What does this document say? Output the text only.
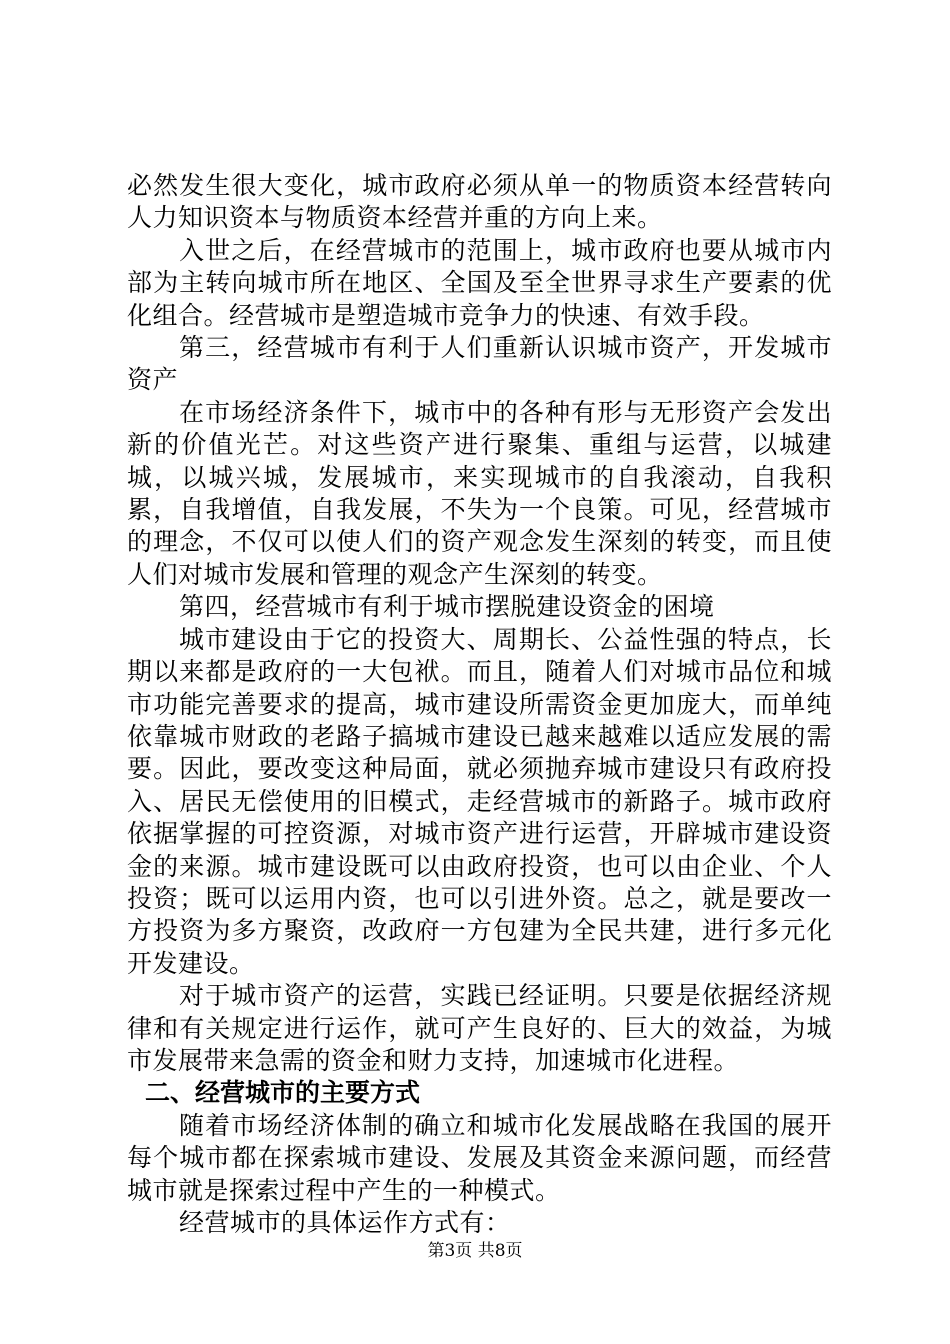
必然发生很大变化，城市政府必须从单一的物质资本经营转向人力知识资本与物质资本经营并重的方向上来。

入世之后，在经营城市的范围上，城市政府也要从城市内部为主转向城市所在地区、全国及至全世界寻求生产要素的优化组合。经营城市是塑造城市竞争力的快速、有效手段。

第三，经营城市有利于人们重新认识城市资产，开发城市资产

在市场经济条件下，城市中的各种有形与无形资产会发出新的价值光芒。对这些资产进行聚集、重组与运营，以城建城，以城兴城，发展城市，来实现城市的自我滚动，自我积累，自我增值，自我发展，不失为一个良策。可见，经营城市的理念，不仅可以使人们的资产观念发生深刻的转变，而且使人们对城市发展和管理的观念产生深刻的转变。

第四，经营城市有利于城市摆脱建设资金的困境

城市建设由于它的投资大、周期长、公益性强的特点，长期以来都是政府的一大包袱。而且，随着人们对城市品位和城市功能完善要求的提高，城市建设所需资金更加庞大，而单纯依靠城市财政的老路子搞城市建设已越来越难以适应发展的需要。因此，要改变这种局面，就必须抛弃城市建设只有政府投入、居民无偿使用的旧模式，走经营城市的新路子。城市政府依据掌握的可控资源，对城市资产进行运营，开辟城市建设资金的来源。城市建设既可以由政府投资，也可以由企业、个人投资；既可以运用内资，也可以引进外资。总之，就是要改一方投资为多方聚资，改政府一方包建为全民共建，进行多元化开发建设。

对于城市资产的运营，实践已经证明。只要是依据经济规律和有关规定进行运作，就可产生良好的、巨大的效益，为城市发展带来急需的资金和财力支持，加速城市化进程。

二、经营城市的主要方式

随着市场经济体制的确立和城市化发展战略在我国的展开每个城市都在探索城市建设、发展及其资金来源问题，而经营城市就是探索过程中产生的一种模式。

经营城市的具体运作方式有：

第3页 共8页
